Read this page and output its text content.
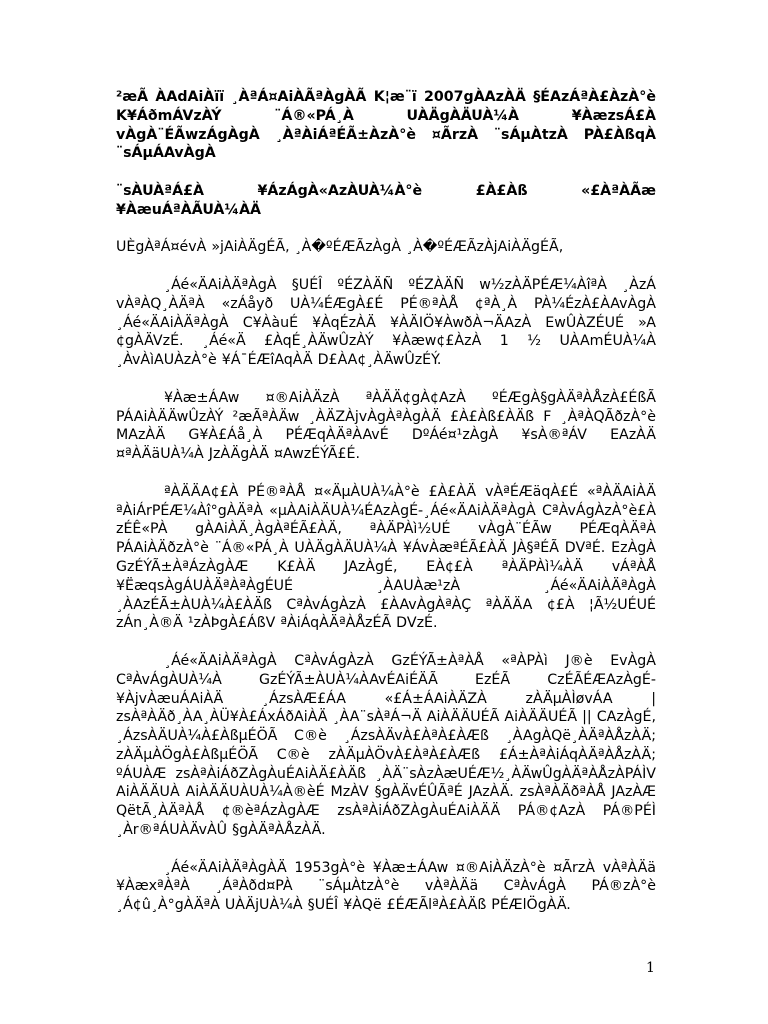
²æÃ ÀAdAiÀïï ¸ÀªÁ¤AiÀÃªÀgÀÃ K¦æ¨ï 2007gÀAzÀÄ §ÉAzÁªÀ£ÀzÀ°è K¥ÁðmÁVzÀÝ ¨Á®«PÁ¸À UÀÄgÀÄUÀ¼À ¥ÀæzsÁ£À vÀgÀ¨ÉÃwzÁgÀgÀ ¸ÀªÀiÁªÉÃ±ÀzÀ°è ¤ÃrzÀ ¨sÁµÀtzÀ PÀ£ÀßqÀ ¨sÁµÁAvÀgÀ

¨sÀUÀªÁ£À ¥ÁzÁgÀ«AzÀUÀ¼À°è £À£Àß «£ÀªÀÃæ ¥ÀæuÁªÀÃUÀ¼ÀÄ

UÈgÀªÁ¤évÀ »jAiÀÄgÉÃ, ¸À�ºÉÆÃzÀgÀ ¸À�ºÉÆÃzÀjAiÀÄgÉÃ,

¸Áé«ÄAiÀÄªÀgÀ §UÉÎ ºÉZÀÄÑ ºÉZÀÄÑ w½zÀÄPÉÆ¼ÀîªÀ ¸ÀzÁ vÀªÀQ¸ÀÄªÀ «zÁåyð UÀ¼ÉÆgÀ£É PÉ®ªÀÅ ¢ªÀ¸À PÀ¼ÉzÀ£ÀAvÀgÀ ¸Áé«ÄAiÀÄªÀgÀ C¥ÀàuÉ ¥ÀqÉzÀÄ ¥ÀÄIÖ¥ÀwðÀ¬ÄAzÀ EwÛÀZÉUÉ »A ¢gÀÄVzÉ. ¸Áé«Ä £ÀqÉ¸ÀÄwÛzÀÝ ¥Àæw¢£ÀzÀ 1 ½ UÀAmÉUÀ¼À ¸ÀvÀìAUÀzÀ°è ¥Á¯ÉÆîAqÀÄ D£ÀA¢¸ÀÄwÛzÉÝ.

¥Àæ±ÁAw ¤®AiÀÄzÀ ªÀÄÄ¢gÀ¢AzÀ ºÉÆgÀ§gÀÄªÀÅzÀ£ÉßÃ PÁAiÀÄÄwÛzÀÝ ²æÃªÀÄw ¸ÀÄZÀjvÀgÀªÀgÀÄ £À£Àß£ÀÄß F ¸ÀªÀQÃðzÀ°è MAzÀÄ G¥À£Áå¸À PÉÆqÀÄªÀAvÉ DºÁé¤¹zÀgÀ ¥sÀ®ªÁV EAzÀÄ ¤ªÀÄäUÀ¼À JzÀÄgÀÄ ¤AwzÉÝÃ£É.

ªÀÄÄA¢£À PÉ®ªÀÅ ¤«ÄµÀUÀ¼À°è £À£ÀÄ vÀªÉÆäqÀ£É «ªÀÄAiÀÄ ªÀiÁrPÉÆ¼Àî°gÀÄªÀ «µÀAiÀÄUÀ¼ÉAzÀgÉ-¸Áé«ÄAiÀÄªÀgÀ CªÀvÁgÀzÀ°è£À zÉÊ«PÀ gÀAiÀÄ¸ÀgÀªÉÃ£ÀÄ, ªÀÄPÀì½UÉ vÀgÀ¨ÉÃw PÉÆqÀÄªÀ PÁAiÀÄðzÀ°è ¨Á®«PÁ¸À UÀÄgÀÄUÀ¼À ¥ÁvÀæªÉÃ£ÀÄ JÀ§ªÉÃ DVªÉ. EzÀgÀ GzÉÝÃ±ÀªÁzÀgÀÆ K£ÀÄ JAzÀgÉ, EÀ¢£À ªÀÄPÀì¼ÀÄ vÁªÀÅ ¥ËæqsÀgÁUÀÄªÀªÀgÉUÉ ¸ÀAUÀæ¹zÀ ¸Áé«ÄAiÀÄªÀgÀ ¸ÀAzÉÃ±ÀUÀ¼À£ÀÄß CªÀvÁgÀzÀ £ÀAvÀgÀªÀÇ ªÀÄÄA ¢£À ¦Ã½UÉUÉ zÁn¸À®Ä ¹zÀÞgÀ£ÁßV ªÀiÁqÀÄªÀÅzÉÃ DVzÉ.

¸Áé«ÄAiÀÄªÀgÀ CªÀvÁgÀzÀ GzÉÝÃ±ÀªÀÅ «ªÀPÀì J®è EvÀgÀ CªÀvÁgÀUÀ¼À GzÉÝÃ±ÀUÀ¼ÀAvÉAiÉÄÃ EzÉÃ CzÉÃÉÆAzÀgÉ-¥ÀjvÀæuÁAiÀÄ ¸ÁzsÀÆ£ÁA «£Á±ÁAiÀÄZÀ zÀÄµÀÌøvÁA | zsÀªÀÄð¸ÀA¸ÀÜ¥À£ÁxÁðAiÀÄ ¸ÀA¨sÀªÁ¬Ä AiÀÄÄUÉÃ AiÀÄÄUÉÃ || CAzÀgÉ, ¸ÁzsÀÄUÀ¼À£ÀßµÉÖÃ C®è ¸ÁzsÀÄvÀ£ÀªÀ£ÀÆß ¸ÀAgÀQë¸ÀÄªÀÅzÀÄ; zÀÄµÀÖgÀ£ÀßµÉÖÃ C®è zÀÄµÀÖvÀ£ÀªÀ£ÀÆß £Á±ÀªÀiÁqÀÄªÀÅzÀÄ; ºÁUÀÆ zsÀªÀiÁðZÀgÀuÉAiÀÄ£ÀÄß ¸ÀÄ¨sÀzÀæUÉÆ½¸ÀÄwÛgÀÄªÀÅzÀPÁÌV AiÀÄÄUÀ AiÀÄÄUÀUÀ¼À®èÉ MzÀV §gÀÄvÉÛÃªÉ JAzÀÄ. zsÀªÀÄðªÀÅ JAzÀÆ QëtÃ¸ÀÄªÀÅ ¢®èªÁzÀgÀÆ zsÀªÀiÁðZÀgÀuÉAiÀÄÄ PÁ®¢AzÀ PÁ®PÉÌ ¸Àr®ªÁUÀÄvÀÛ §gÀÄªÀÅzÀÄ.

¸Áé«ÄAiÀÄªÀgÀÄ 1953gÀ°è ¥Àæ±ÁAw ¤®AiÀÄzÀ°è ¤ÃrzÀ vÀªÀÄä ¥ÀæxªÀªÀ ¸ÁªÀðd¤PÀ ¨sÁµÀtzÀ°è vÀªÀÄä CªÀvÁgÀ PÁ®zÀ°è ¸Á¢û¸À°gÀÄªÀ UÀÄjUÀ¼À §UÉÎ ¥ÀQë £ÉÆÃlªÀ£ÀÄß PÉÆlÖgÀÄ.

1
